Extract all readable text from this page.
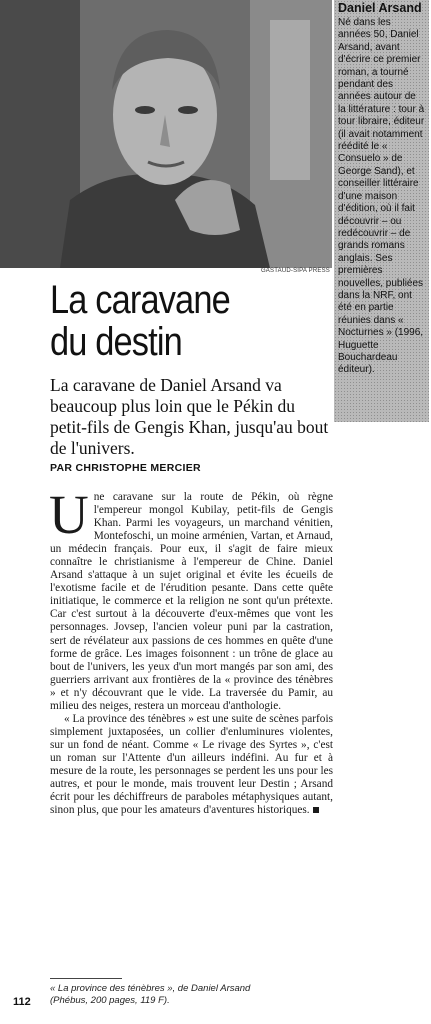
GASTAUD-SIPA PRESS
Daniel Arsand
Né dans les années 50, Daniel Arsand, avant d'écrire ce premier roman, a tourné pendant des années autour de la littérature : tour à tour libraire, éditeur (il avait notamment réédité le « Consuelo » de George Sand), et conseiller littéraire d'une maison d'édition, où il fait découvrir – ou redécouvrir – de grands romans anglais. Ses premières nouvelles, publiées dans la NRF, ont été en partie réunies dans « Nocturnes » (1996, Huguette Bouchardeau éditeur).
La caravane
du destin
La caravane de Daniel Arsand va beaucoup plus loin que le Pékin du petit-fils de Gengis Khan, jusqu'au bout de l'univers.
PAR CHRISTOPHE MERCIER

Une caravane sur la route de Pékin, où règne l'empereur mongol Kubilay, petit-fils de Gengis Khan. Parmi les voyageurs, un marchand vénitien, Montefoschi, un moine arménien, Vartan, et Arnaud, un médecin français. Pour eux, il s'agit de faire mieux connaître le christianisme à l'empereur de Chine. Daniel Arsand s'attaque à un sujet original et évite les écueils de l'exotisme facile et de l'érudition pesante. Dans cette quête initiatique, le commerce et la religion ne sont qu'un prétexte. Car c'est surtout à la découverte d'eux-mêmes que vont les personnages. Jovsep, l'ancien voleur puni par la castration, sert de révélateur aux passions de ces hommes en quête d'une forme de grâce. Les images foisonnent : un trône de glace au bout de l'univers, les yeux d'un mort mangés par son ami, des guerriers arrivant aux frontières de la « province des ténèbres » et n'y découvrant que le vide. La traversée du Pamir, au milieu des neiges, restera un morceau d'anthologie.

« La province des ténèbres » est une suite de scènes parfois simplement juxtaposées, un collier d'enluminures violentes, sur un fond de néant. Comme « Le rivage des Syrtes », c'est un roman sur l'Attente d'un ailleurs indéfini. Au fur et à mesure de la route, les personnages se perdent les uns pour les autres, et pour le monde, mais trouvent leur Destin ; Arsand écrit pour les déchiffreurs de paraboles métaphysiques autant, sinon plus, que pour les amateurs d'aventures historiques.

« La province des ténèbres », de Daniel Arsand
(Phébus, 200 pages, 119 F).
112
